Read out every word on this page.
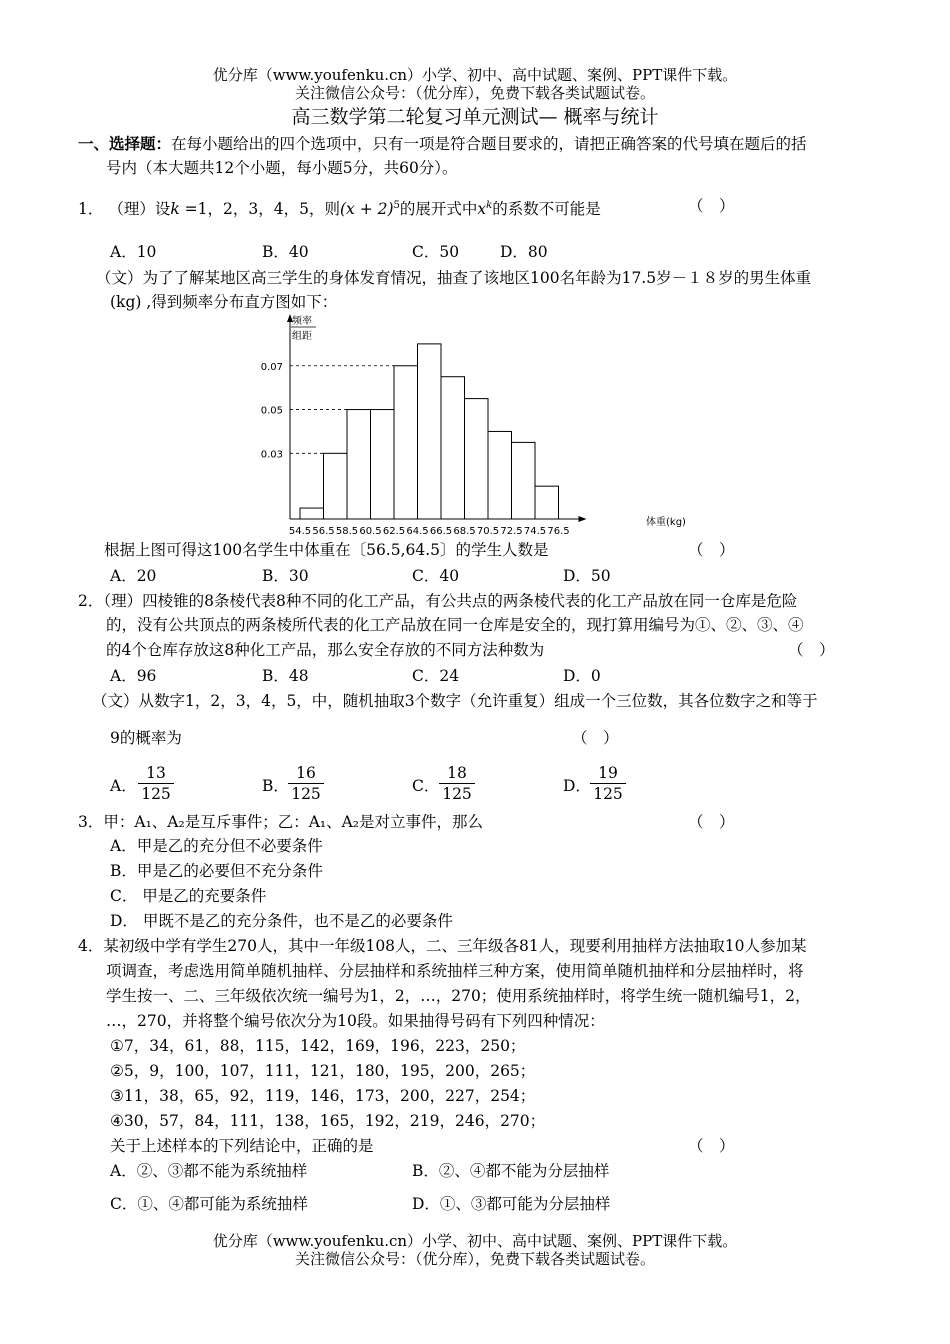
优分库（www.youfenku.cn）小学、初中、高中试题、案例、PPT课件下载。
关注微信公众号：（优分库），免费下载各类试题试卷。
高三数学第二轮复习单元测试— 概率与统计
一、选择题：在每小题给出的四个选项中，只有一项是符合题目要求的，请把正确答案的代号填在题后的括
号内（本大题共12个小题，每小题5分，共60分）。
1． （理）设k =1，2，3，4，5，则$(x + 2)^5$的展开式中$x^k$的系数不可能是	（　）
A．10	B．40	C．50	D．80
（文）为了了解某地区高三学生的身体发育情况，抽查了该地区100名年龄为17.5岁－１８岁的男生体重
(kg) ,得到频率分布直方图如下：
频率
组距
体重(kg)
0.03
0.05
0.07
54.5 56.5 58.5 60.5 62.5 64.5 66.5 68.5 70.5 72.5 74.5 76.5
根据上图可得这100名学生中体重在〔56.5,64.5〕的学生人数是	（　）
A．20	B．30	C．40	D．50
2．（理）四棱锥的8条棱代表8种不同的化工产品，有公共点的两条棱代表的化工产品放在同一仓库是危险
的，没有公共顶点的两条棱所代表的化工产品放在同一仓库是安全的，现打算用编号为①、②、③、④
的4个仓库存放这8种化工产品，那么安全存放的不同方法种数为	（　）
A．96	B．48	C．24	D．0
（文）从数字1，2，3，4，5，中，随机抽取3个数字（允许重复）组成一个三位数，其各位数字之和等于
9的概率为	（　）
A． $\frac{13}{125}$	B． $\frac{16}{125}$	C． $\frac{18}{125}$	D． $\frac{19}{125}$
3．甲：A₁、A₂是互斥事件；乙：A₁、A₂是对立事件，那么	（　）
A．甲是乙的充分但不必要条件
B．甲是乙的必要但不充分条件
C． 甲是乙的充要条件
D． 甲既不是乙的充分条件，也不是乙的必要条件
4．某初级中学有学生270人，其中一年级108人，二、三年级各81人，现要利用抽样方法抽取10人参加某
项调查，考虑选用简单随机抽样、分层抽样和系统抽样三种方案，使用简单随机抽样和分层抽样时，将
学生按一、二、三年级依次统一编号为1，2，…，270；使用系统抽样时，将学生统一随机编号1，2，
…，270，并将整个编号依次分为10段。如果抽得号码有下列四种情况：
①7，34，61，88，115，142，169，196，223，250；
②5，9，100，107，111，121，180，195，200，265；
③11，38，65，92，119，146，173，200，227，254；
④30，57，84，111，138，165，192，219，246，270；
关于上述样本的下列结论中，正确的是	（　）
A．②、③都不能为系统抽样	B．②、④都不能为分层抽样
C．①、④都可能为系统抽样	D．①、③都可能为分层抽样
优分库（www.youfenku.cn）小学、初中、高中试题、案例、PPT课件下载。
关注微信公众号：（优分库），免费下载各类试题试卷。
